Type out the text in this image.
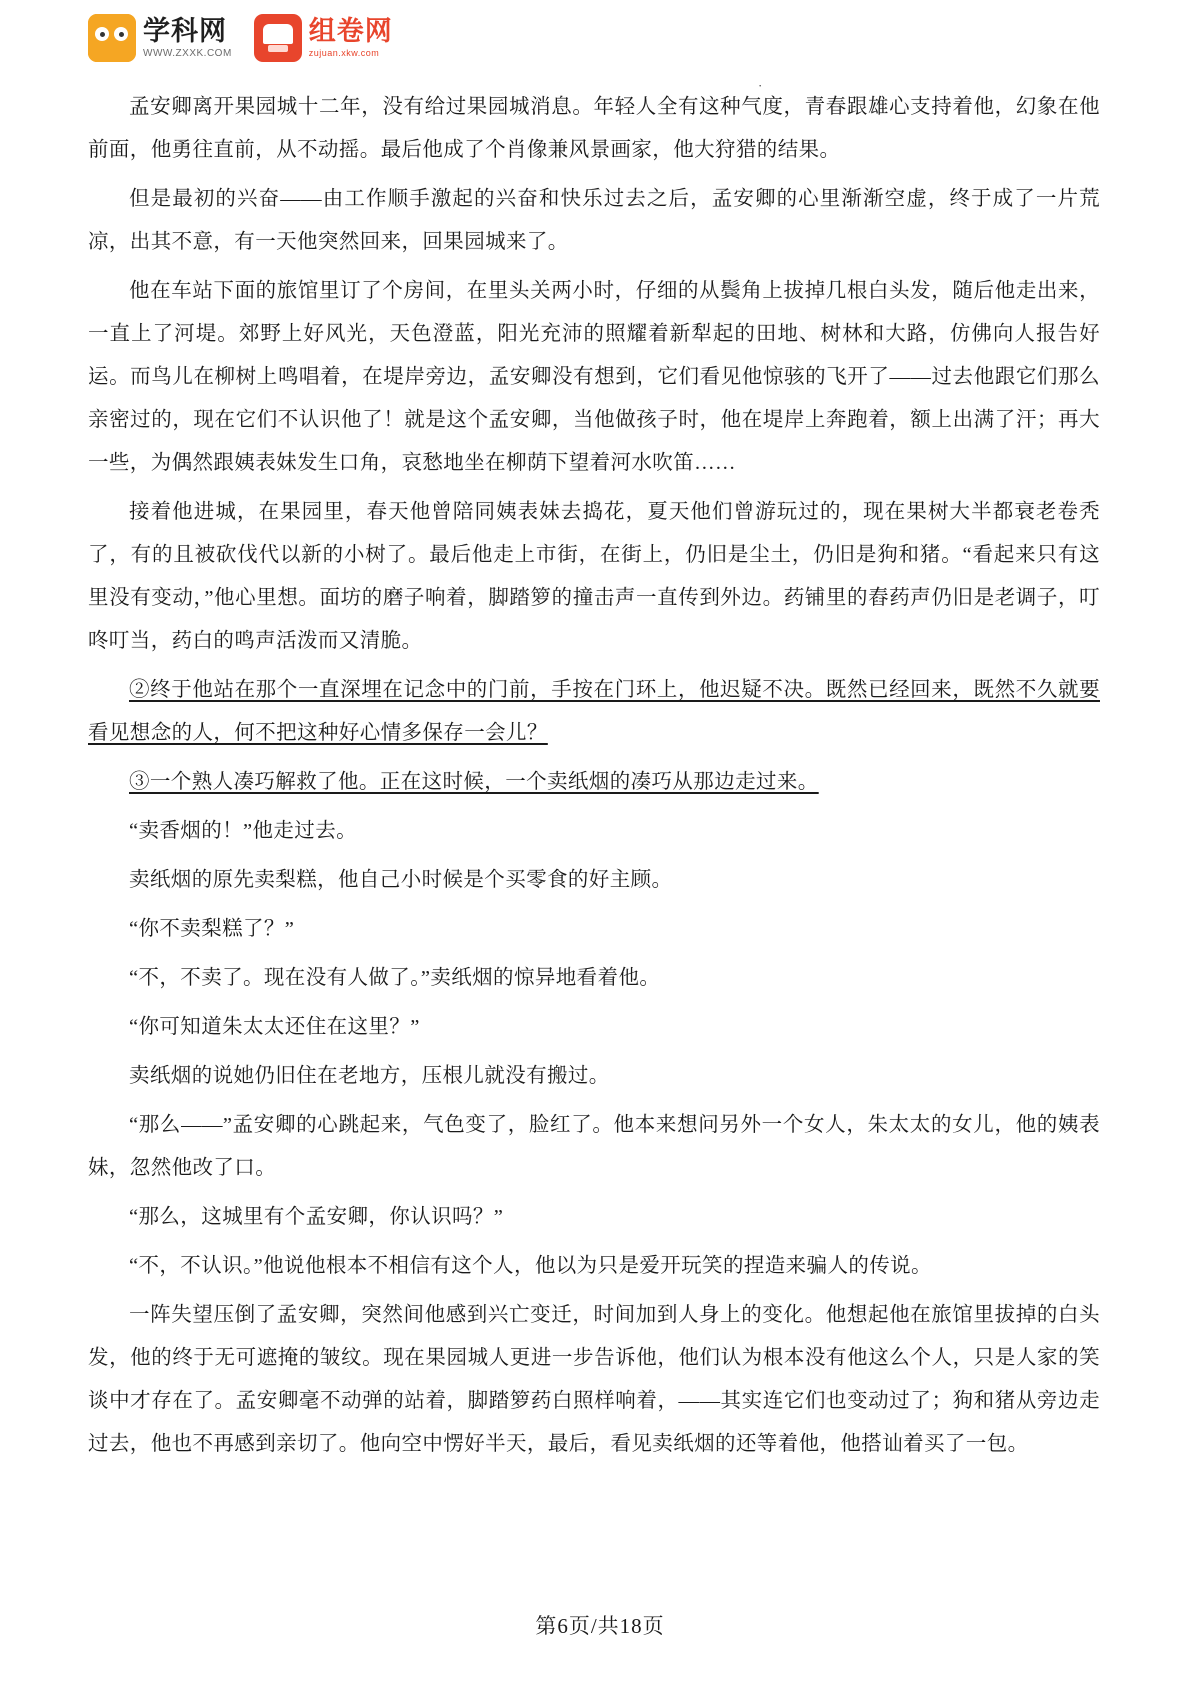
学科网
WWW.ZXXK.COM
组卷网
zujuan.xkw.com
·

孟安卿离开果园城十二年，没有给过果园城消息。年轻人全有这种气度，青春跟雄心支持着他，幻象在他前面，他勇往直前，从不动摇。最后他成了个肖像兼风景画家，他大狩猎的结果。

但是最初的兴奋——由工作顺手激起的兴奋和快乐过去之后，孟安卿的心里渐渐空虚，终于成了一片荒凉，出其不意，有一天他突然回来，回果园城来了。

他在车站下面的旅馆里订了个房间，在里头关两小时，仔细的从鬓角上拔掉几根白头发，随后他走出来，一直上了河堤。郊野上好风光，天色澄蓝，阳光充沛的照耀着新犁起的田地、树林和大路，仿佛向人报告好运。而鸟儿在柳树上鸣唱着，在堤岸旁边，孟安卿没有想到，它们看见他惊骇的飞开了——过去他跟它们那么亲密过的，现在它们不认识他了！就是这个孟安卿，当他做孩子时，他在堤岸上奔跑着，额上出满了汗；再大一些，为偶然跟姨表妹发生口角，哀愁地坐在柳荫下望着河水吹笛……

接着他进城，在果园里，春天他曾陪同姨表妹去捣花，夏天他们曾游玩过的，现在果树大半都衰老卷秃了，有的且被砍伐代以新的小树了。最后他走上市街，在街上，仍旧是尘土，仍旧是狗和猪。“看起来只有这里没有变动，”他心里想。面坊的磨子响着，脚踏箩的撞击声一直传到外边。药铺里的舂药声仍旧是老调子，叮咚叮当，药白的鸣声活泼而又清脆。

②终于他站在那个一直深埋在记念中的门前，手按在门环上，他迟疑不决。既然已经回来，既然不久就要看见想念的人，何不把这种好心情多保存一会儿？

③一个熟人凑巧解救了他。正在这时候，一个卖纸烟的凑巧从那边走过来。

“卖香烟的！”他走过去。

卖纸烟的原先卖梨糕，他自己小时候是个买零食的好主顾。

“你不卖梨糕了？”

“不，不卖了。现在没有人做了。”卖纸烟的惊异地看着他。

“你可知道朱太太还住在这里？”

卖纸烟的说她仍旧住在老地方，压根儿就没有搬过。

“那么——”孟安卿的心跳起来，气色变了，脸红了。他本来想问另外一个女人，朱太太的女儿，他的姨表妹，忽然他改了口。

“那么，这城里有个孟安卿，你认识吗？”

“不，不认识。”他说他根本不相信有这个人，他以为只是爱开玩笑的捏造来骗人的传说。

一阵失望压倒了孟安卿，突然间他感到兴亡变迁，时间加到人身上的变化。他想起他在旅馆里拔掉的白头发，他的终于无可遮掩的皱纹。现在果园城人更进一步告诉他，他们认为根本没有他这么个人，只是人家的笑谈中才存在了。孟安卿毫不动弹的站着，脚踏箩药白照样响着，——其实连它们也变动过了；狗和猪从旁边走过去，他也不再感到亲切了。他向空中愣好半天，最后，看见卖纸烟的还等着他，他搭讪着买了一包。

第6页/共18页
